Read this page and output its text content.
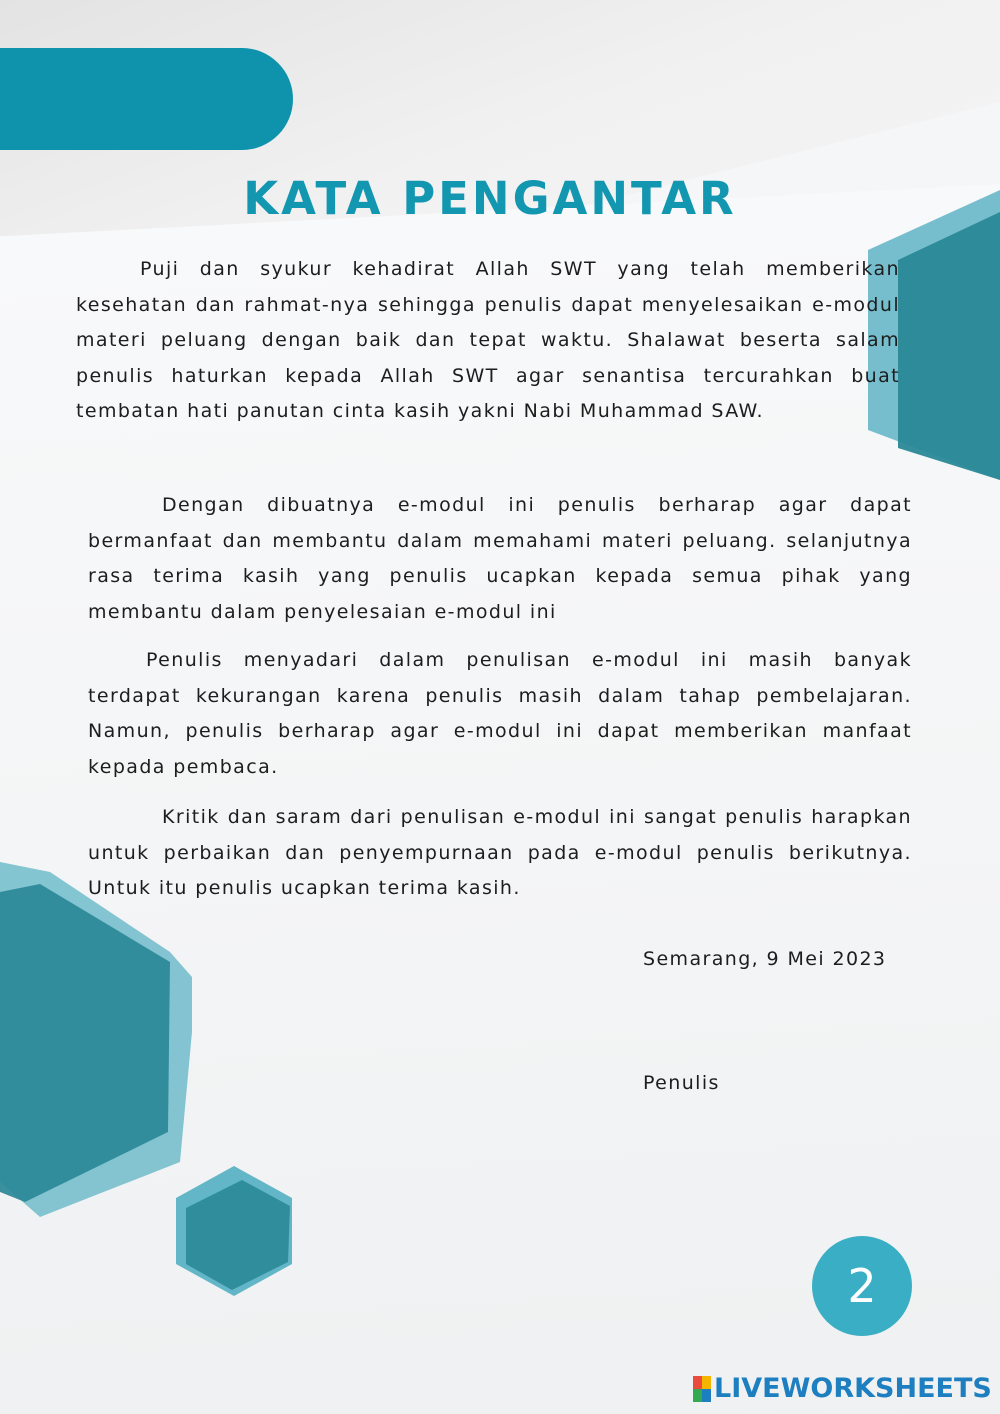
KATA PENGANTAR

Puji dan syukur kehadirat Allah SWT yang telah memberikan kesehatan dan rahmat-nya sehingga penulis dapat menyelesaikan e-modul materi peluang dengan baik dan tepat waktu. Shalawat beserta salam penulis haturkan kepada Allah SWT agar senantisa tercurahkan buat tembatan hati panutan cinta kasih yakni Nabi Muhammad SAW.

Dengan dibuatnya e-modul ini penulis berharap agar dapat bermanfaat dan membantu dalam memahami materi peluang. selanjutnya rasa terima kasih yang penulis ucapkan kepada semua pihak yang membantu dalam penyelesaian e-modul ini

Penulis menyadari dalam penulisan e-modul ini masih banyak terdapat kekurangan karena penulis masih dalam tahap pembelajaran. Namun, penulis berharap agar e-modul ini dapat memberikan manfaat kepada pembaca.

Kritik dan saram dari penulisan e-modul ini sangat penulis harapkan untuk perbaikan dan penyempurnaan pada e-modul penulis berikutnya. Untuk itu penulis ucapkan terima kasih.

Semarang, 9 Mei 2023
Penulis
2
LIVEWORKSHEETS
